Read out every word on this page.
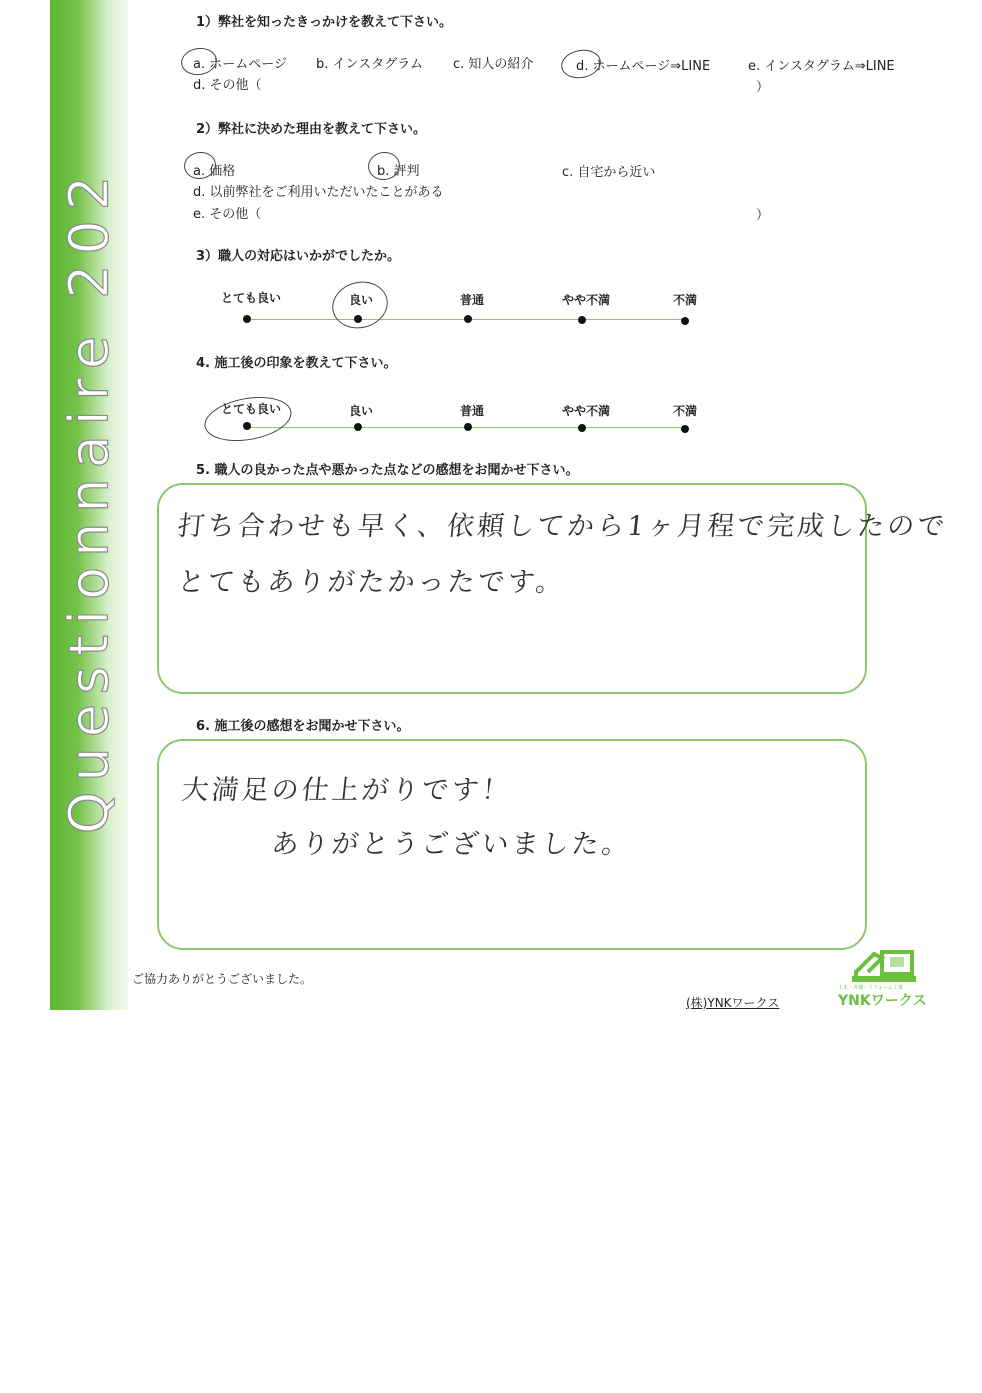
Questionnaire 202
1）弊社を知ったきっかけを教えて下さい。
a. ホームページ b. インスタグラム c. 知人の紹介	d. ホームページ⇒LINE	e. インスタグラム⇒LINE
d. その他（	）
2）弊社に決めた理由を教えて下さい。
a. 価格	b. 評判	c. 自宅から近い
d. 以前弊社をご利用いただいたことがある
e. その他（	）
3）職人の対応はいかがでしたか。
とても良い	良い	普通	やや不満	不満
4. 施工後の印象を教えて下さい。
とても良い	良い	普通	やや不満	不満
5. 職人の良かった点や悪かった点などの感想をお聞かせ下さい。
打ち合わせも早く、依頼してから1ヶ月程で完成したので
とてもありがたかったです。
6. 施工後の感想をお聞かせ下さい。
大満足の仕上がりです！
ありがとうございました。
ご協力ありがとうございました。
(株)YNKワークス
土木・外構・リフォーム工事
YNKワークス
